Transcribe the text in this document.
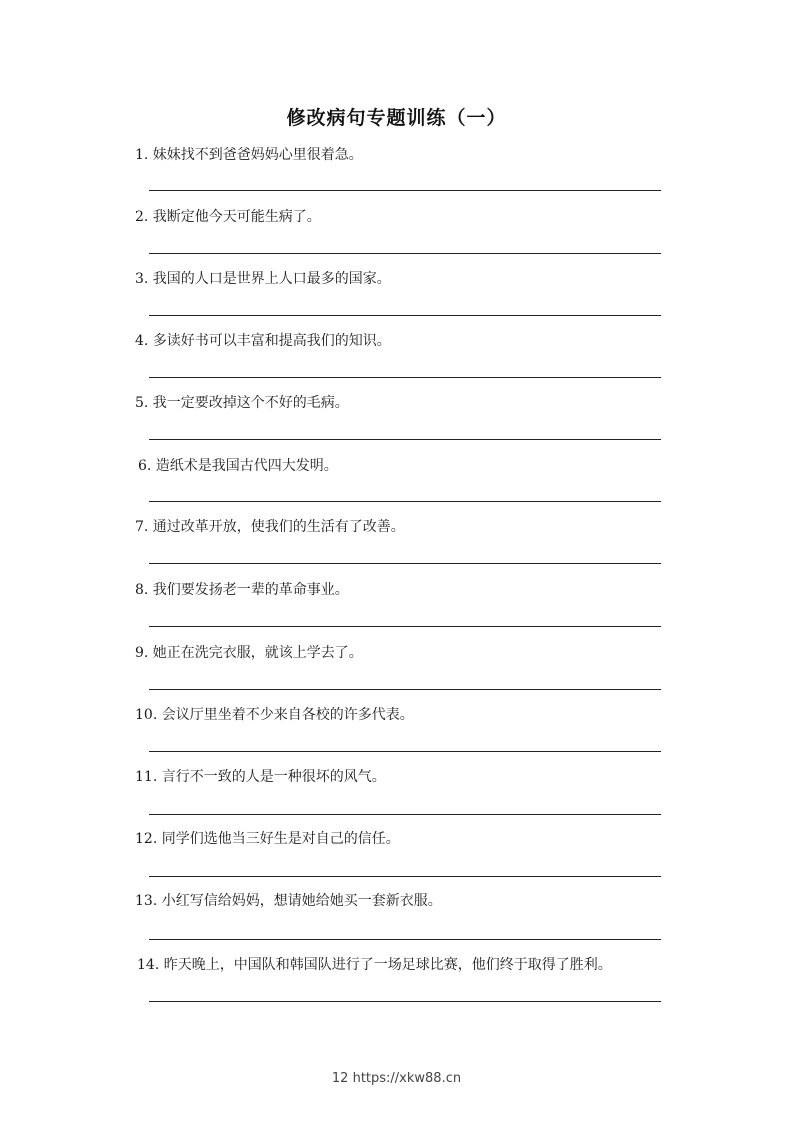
修改病句专题训练（一）
1. 妹妹找不到爸爸妈妈心里很着急。
2. 我断定他今天可能生病了。
3. 我国的人口是世界上人口最多的国家。
4. 多读好书可以丰富和提高我们的知识。
5. 我一定要改掉这个不好的毛病。
6. 造纸术是我国古代四大发明。
7. 通过改革开放，使我们的生活有了改善。
8. 我们要发扬老一辈的革命事业。
9. 她正在洗完衣服，就该上学去了。
10. 会议厅里坐着不少来自各校的许多代表。
11. 言行不一致的人是一种很坏的风气。
12. 同学们选他当三好生是对自己的信任。
13. 小红写信给妈妈，想请她给她买一套新衣服。
14. 昨天晚上，中国队和韩国队进行了一场足球比赛，他们终于取得了胜利。
12 https://xkw88.cn
